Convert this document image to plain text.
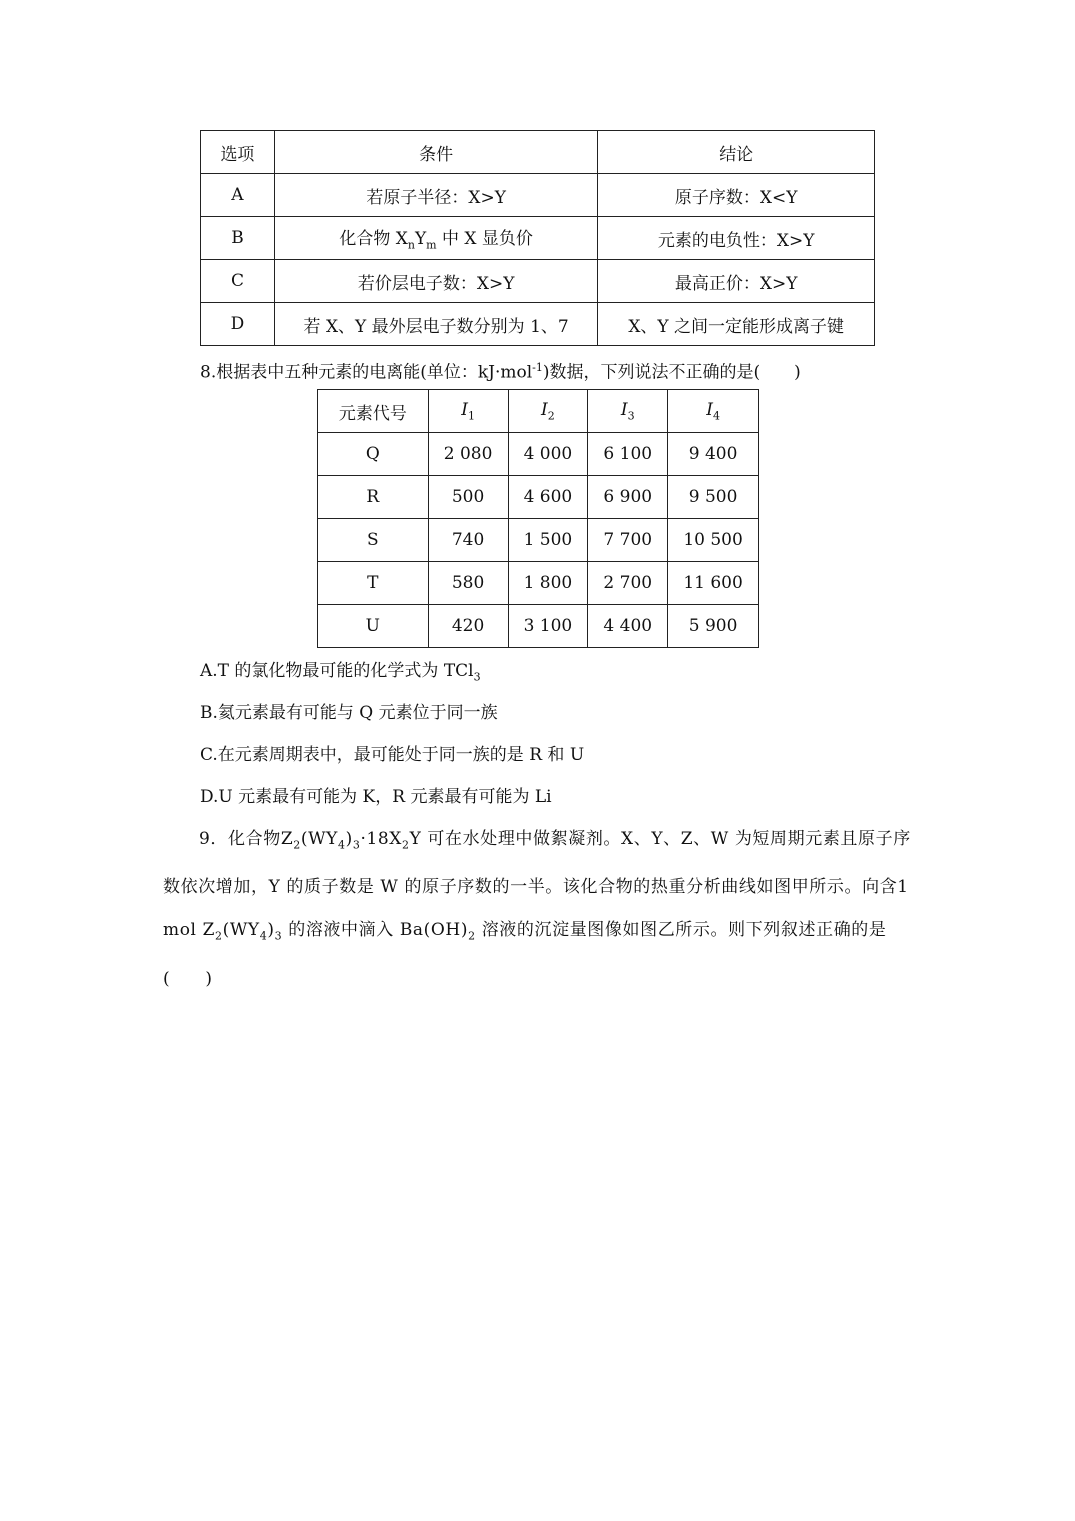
选项	条件	结论
A	若原子半径：X>Y	原子序数：X<Y
B	化合物 $X_nY_m$ 中 X 显负价	元素的电负性：X>Y
C	若价层电子数：X>Y	最高正价：X>Y
D	若 X、Y 最外层电子数分别为 1、7	X、Y 之间一定能形成离子键
8.根据表中五种元素的电离能(单位：kJ·mol$^{-1}$)数据，下列说法不正确的是(　　)
元素代号	$I_1$	$I_2$	$I_3$	$I_4$
Q	2 080	4 000	6 100	9 400
R	500	4 600	6 900	9 500
S	740	1 500	7 700	10 500
T	580	1 800	2 700	11 600
U	420	3 100	4 400	5 900
A.T 的氯化物最可能的化学式为 TCl$_3$
B.氦元素最有可能与 Q 元素位于同一族
C.在元素周期表中，最可能处于同一族的是 R 和 U
D.U 元素最有可能为 K，R 元素最有可能为 Li
9．化合物$Z_2(WY_4)_3\cdot 18X_2Y$ 可在水处理中做絮凝剂。X、Y、Z、W 为短周期元素且原子序数依次增加，Y 的质子数是 W 的原子序数的一半。该化合物的热重分析曲线如图甲所示。向含1 mol $Z_2(WY_4)_3$ 的溶液中滴入 $Ba(OH)_2$ 溶液的沉淀量图像如图乙所示。则下列叙述正确的是(　　)
